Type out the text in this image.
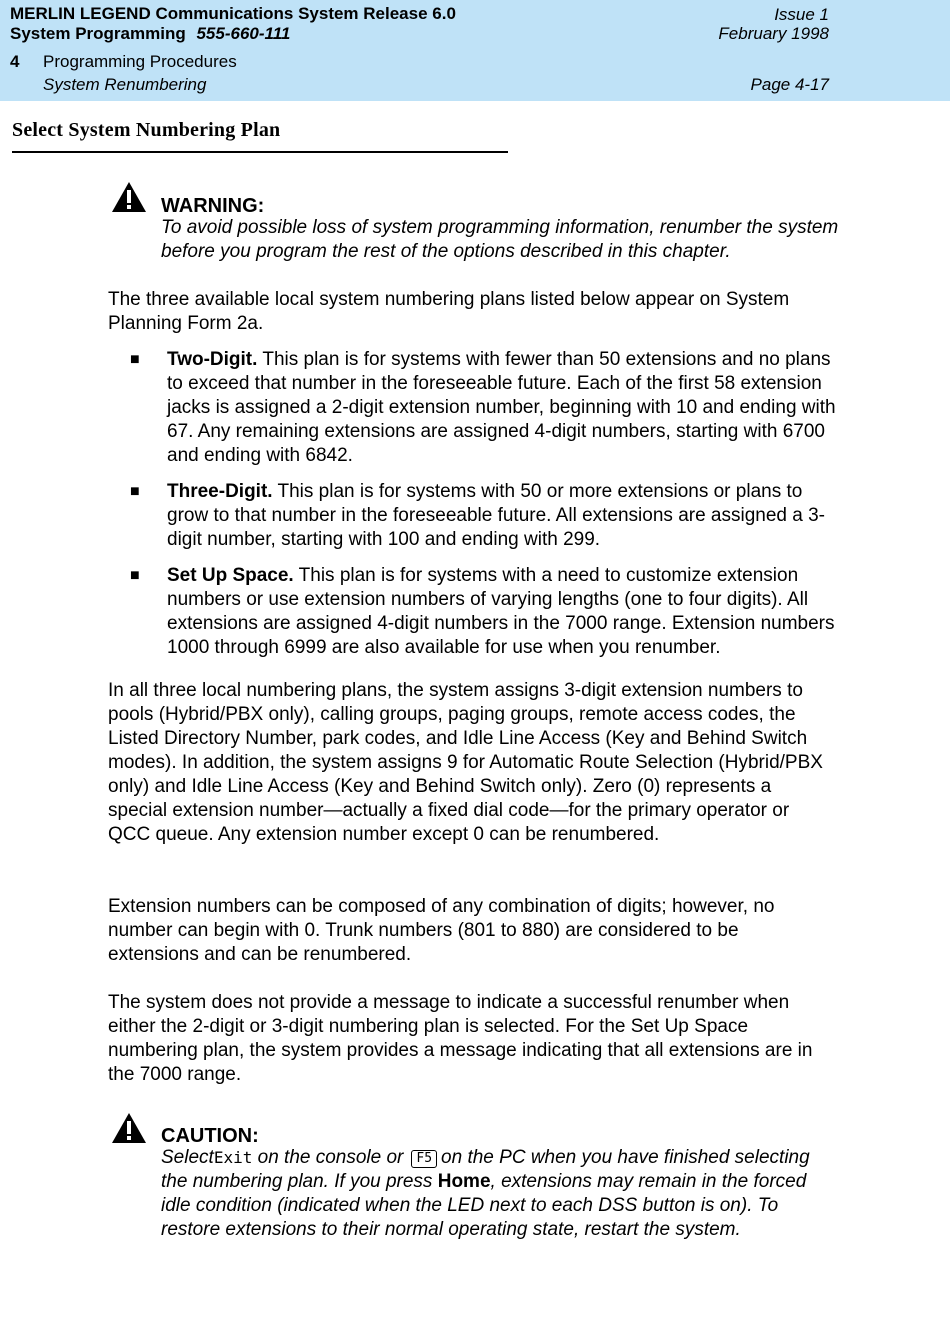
MERLIN LEGEND Communications System Release 6.0
System Programming 555-660-111
Issue 1
February 1998
4 Programming Procedures
System Renumbering	Page 4-17
Select System Numbering Plan
WARNING:
To avoid possible loss of system programming information, renumber the system before you program the rest of the options described in this chapter.
The three available local system numbering plans listed below appear on System Planning Form 2a.
■ Two-Digit. This plan is for systems with fewer than 50 extensions and no plans to exceed that number in the foreseeable future. Each of the first 58 extension jacks is assigned a 2-digit extension number, beginning with 10 and ending with 67. Any remaining extensions are assigned 4-digit numbers, starting with 6700 and ending with 6842.
■ Three-Digit. This plan is for systems with 50 or more extensions or plans to grow to that number in the foreseeable future. All extensions are assigned a 3-digit number, starting with 100 and ending with 299.
■ Set Up Space. This plan is for systems with a need to customize extension numbers or use extension numbers of varying lengths (one to four digits). All extensions are assigned 4-digit numbers in the 7000 range. Extension numbers 1000 through 6999 are also available for use when you renumber.
In all three local numbering plans, the system assigns 3-digit extension numbers to pools (Hybrid/PBX only), calling groups, paging groups, remote access codes, the Listed Directory Number, park codes, and Idle Line Access (Key and Behind Switch modes). In addition, the system assigns 9 for Automatic Route Selection (Hybrid/PBX only) and Idle Line Access (Key and Behind Switch only). Zero (0) represents a special extension number—actually a fixed dial code—for the primary operator or QCC queue. Any extension number except 0 can be renumbered.
Extension numbers can be composed of any combination of digits; however, no number can begin with 0. Trunk numbers (801 to 880) are considered to be extensions and can be renumbered.
The system does not provide a message to indicate a successful renumber when either the 2-digit or 3-digit numbering plan is selected. For the Set Up Space numbering plan, the system provides a message indicating that all extensions are in the 7000 range.
CAUTION:
SelectExit on the console or F5 on the PC when you have finished selecting the numbering plan. If you press Home, extensions may remain in the forced idle condition (indicated when the LED next to each DSS button is on). To restore extensions to their normal operating state, restart the system.
